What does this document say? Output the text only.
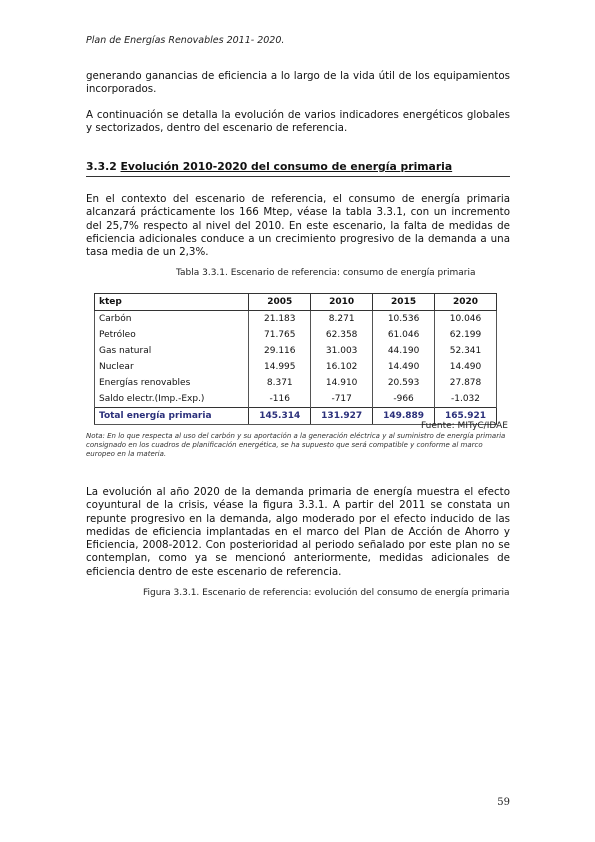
Plan de Energías Renovables 2011- 2020.
generando ganancias de eficiencia a lo largo de la vida útil de los equipamientos incorporados.
A continuación se detalla la evolución de varios indicadores energéticos globales y sectorizados, dentro del escenario de referencia.
3.3.2 Evolución 2010-2020 del consumo de energía primaria
En el contexto del escenario de referencia, el consumo de energía primaria alcanzará prácticamente los 166 Mtep, véase la tabla 3.3.1, con un incremento del 25,7% respecto al nivel del 2010. En este escenario, la falta de medidas de eficiencia adicionales conduce a un crecimiento progresivo de la demanda a una tasa media de un 2,3%.
Tabla 3.3.1. Escenario de referencia: consumo de energía primaria
ktep	2005	2010	2015	2020
Carbón	21.183	8.271	10.536	10.046
Petróleo	71.765	62.358	61.046	62.199
Gas natural	29.116	31.003	44.190	52.341
Nuclear	14.995	16.102	14.490	14.490
Energías renovables	8.371	14.910	20.593	27.878
Saldo electr.(Imp.-Exp.)	-116	-717	-966	-1.032
Total energía primaria	145.314	131.927	149.889	165.921
Fuente: MITyC/IDAE
Nota: En lo que respecta al uso del carbón y su aportación a la generación eléctrica y al suministro de energía primaria consignado en los cuadros de planificación energética, se ha supuesto que será compatible y conforme al marco europeo en la materia.
La evolución al año 2020 de la demanda primaria de energía muestra el efecto coyuntural de la crisis, véase la figura 3.3.1. A partir del 2011 se constata un repunte progresivo en la demanda, algo moderado por el efecto inducido de las medidas de eficiencia implantadas en el marco del Plan de Acción de Ahorro y Eficiencia, 2008-2012. Con posterioridad al periodo señalado por este plan no se contemplan, como ya se mencionó anteriormente, medidas adicionales de eficiencia dentro de este escenario de referencia.
Figura 3.3.1. Escenario de referencia: evolución del consumo de energía primaria
59
